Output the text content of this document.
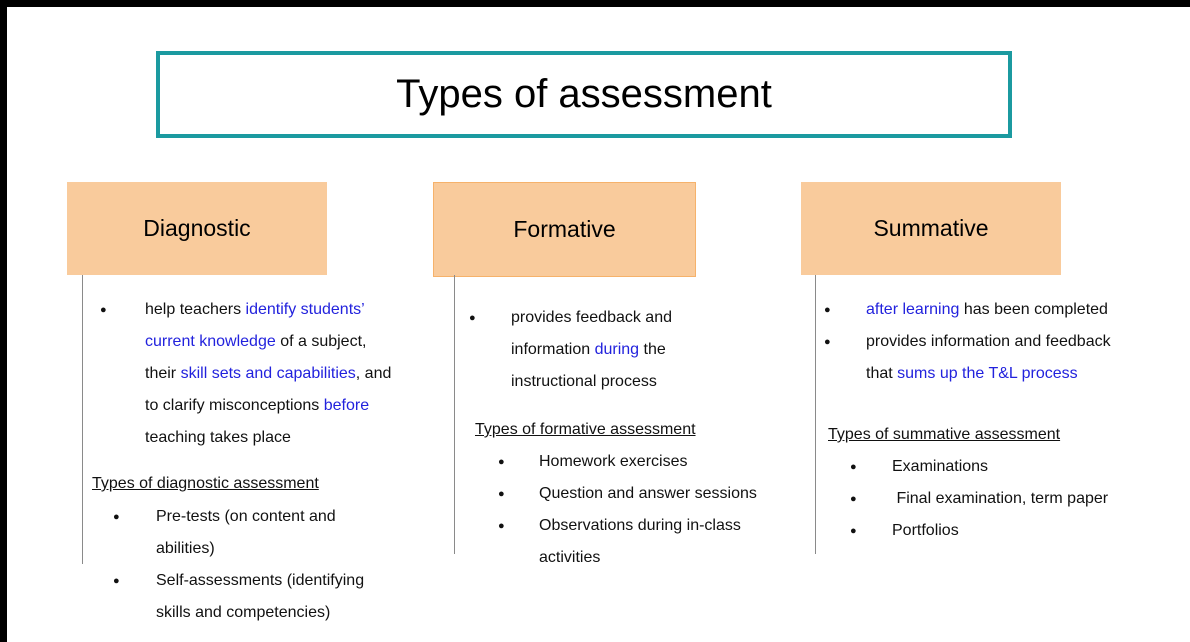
Types of assessment
Diagnostic
● help teachers identify students’
current knowledge of a subject,
their skill sets and capabilities, and
to clarify misconceptions before
teaching takes place
Types of diagnostic assessment
● Pre-tests (on content and
abilities)
● Self-assessments (identifying
skills and competencies)
Formative
● provides feedback and
information during the
instructional process
Types of formative assessment
● Homework exercises
● Question and answer sessions
● Observations during in-class
activities
Summative
● after learning has been completed
● provides information and feedback
that sums up the T&L process
Types of summative assessment
● Examinations
● Final examination, term paper
● Portfolios
